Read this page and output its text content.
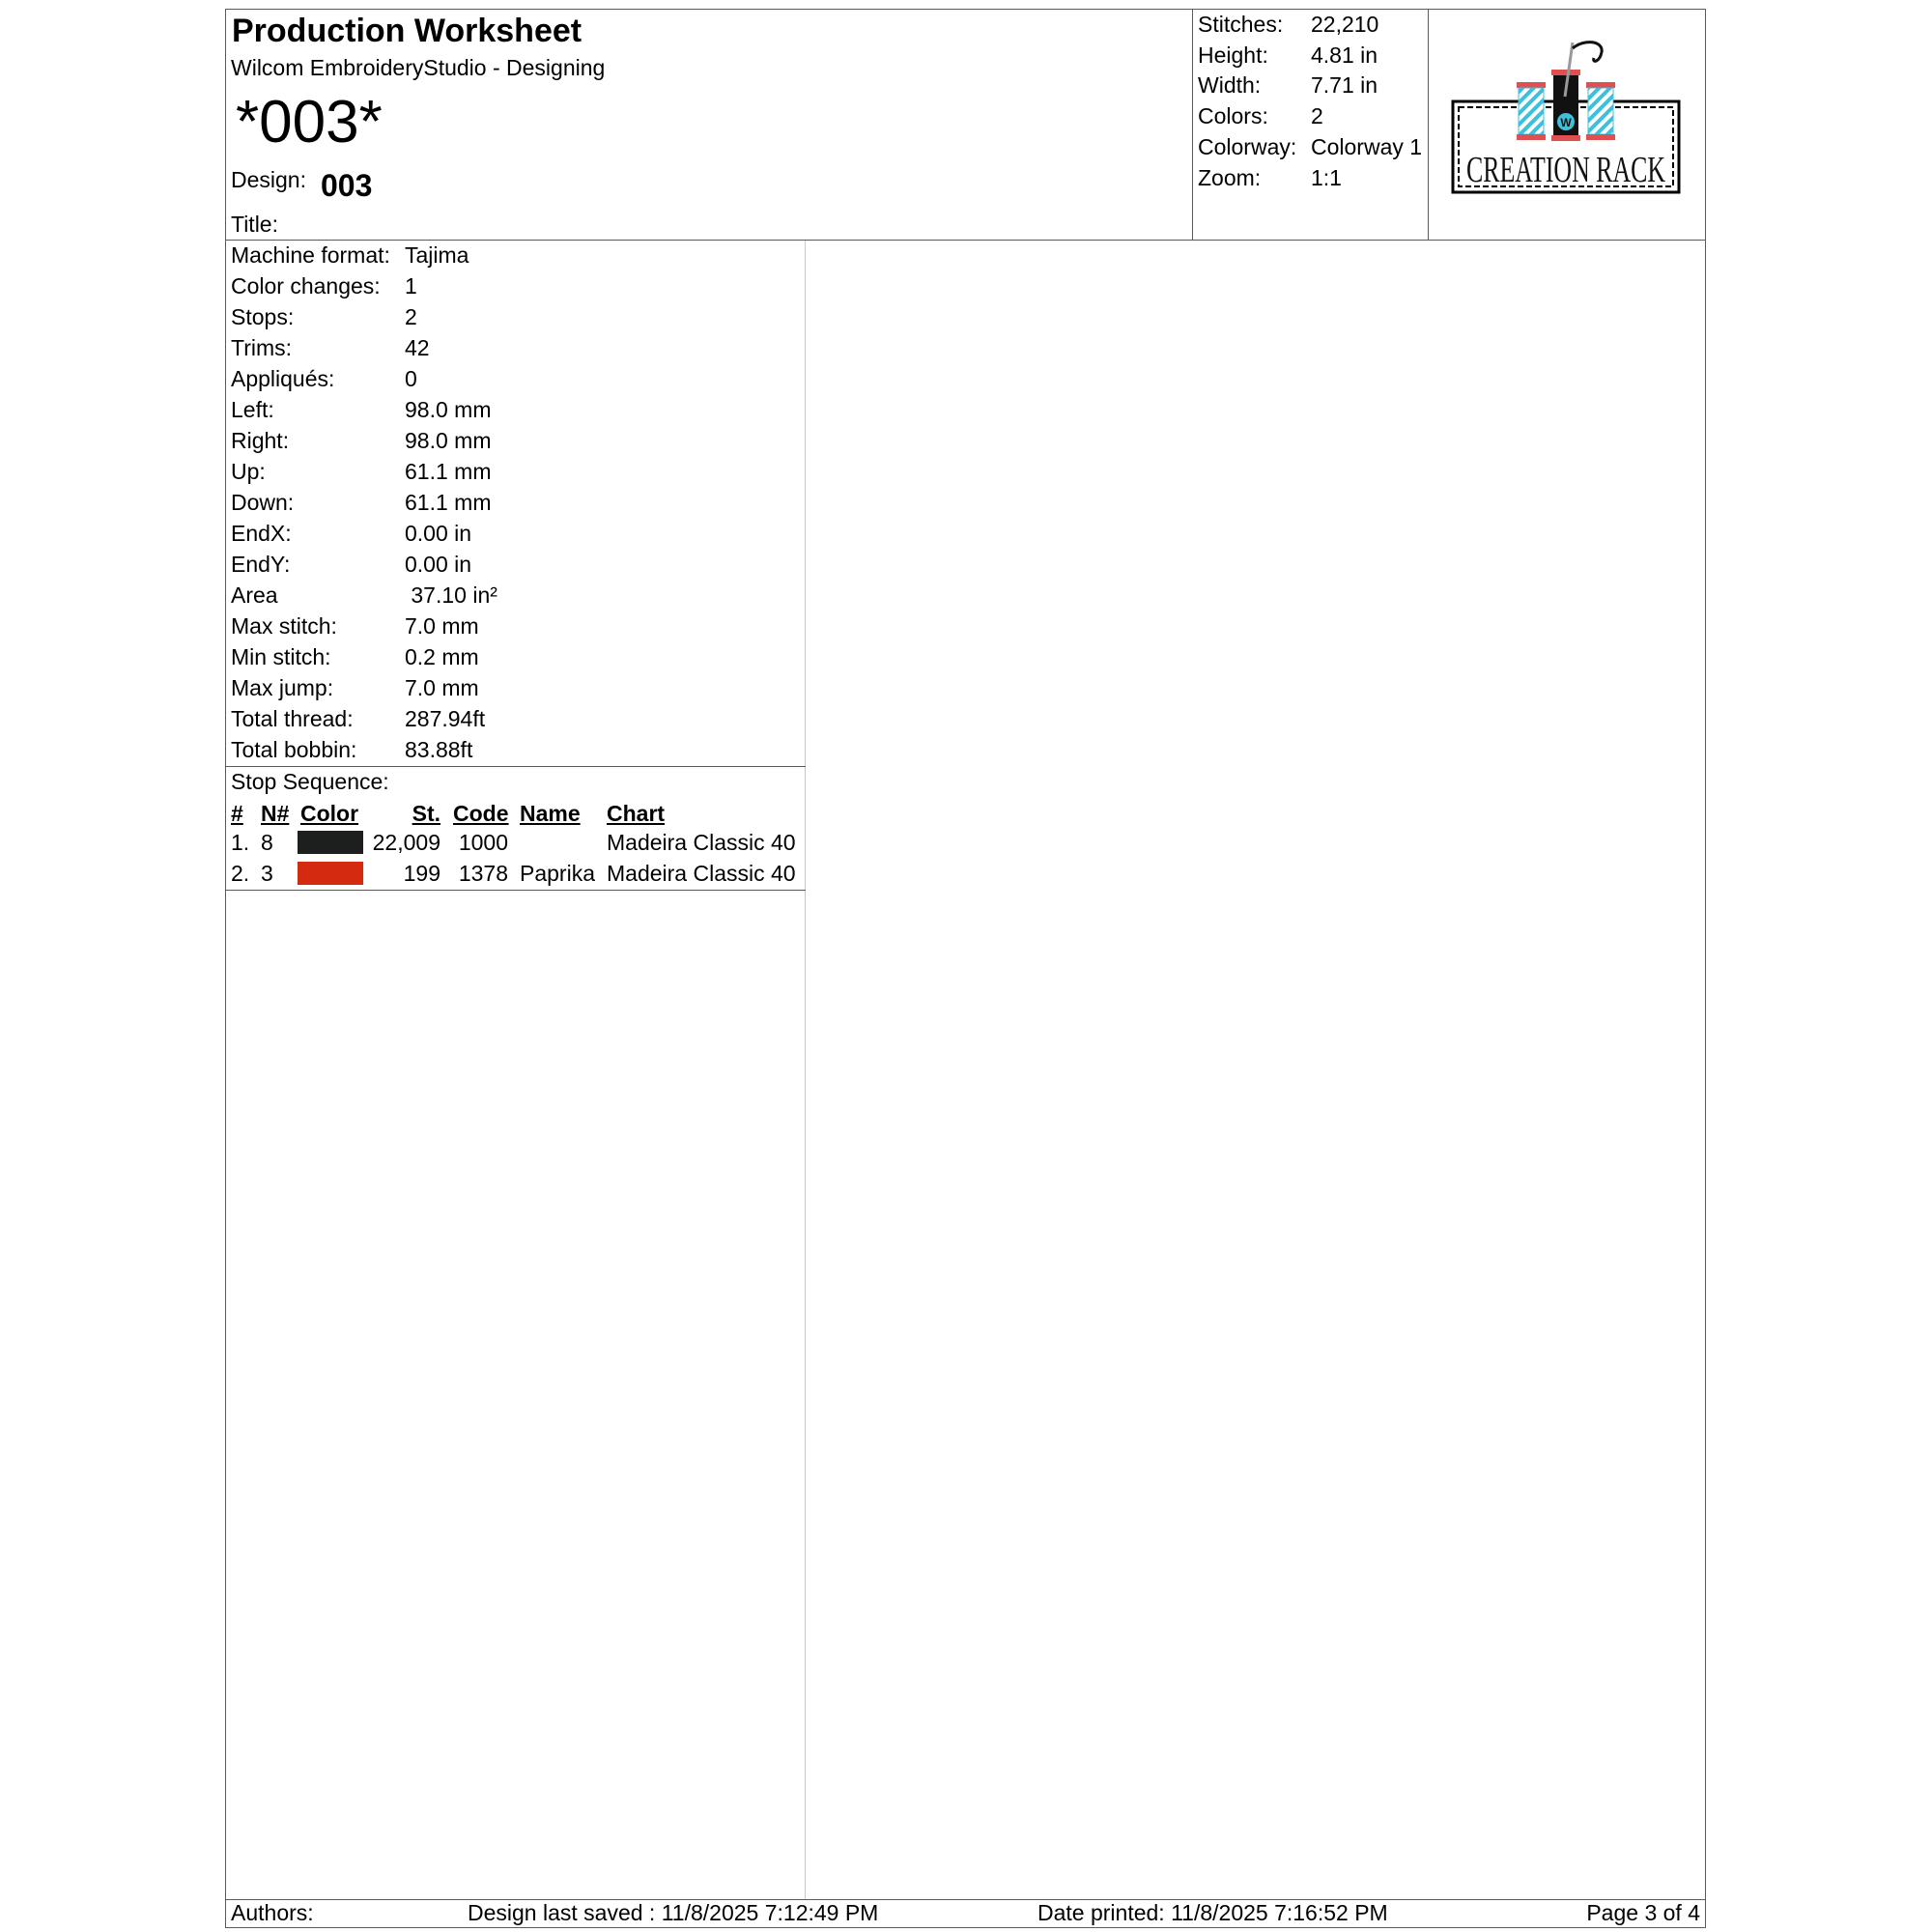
Production Worksheet
Wilcom EmbroideryStudio - Designing
*003*
Design: 003
Title:
Stitches: 22,210
Height: 4.81 in
Width: 7.71 in
Colors: 2
Colorway: Colorway 1
Zoom: 1:1
W
CREATION RACK
Machine format: Tajima
Color changes: 1
Stops:	2
Trims:	42
Appliqués:	0
Left:	98.0 mm
Right:	98.0 mm
Up:	61.1 mm
Down:	61.1 mm
EndX:	0.00 in
EndY:	0.00 in
Area	37.10 in²
Max stitch:	7.0 mm
Min stitch:	0.2 mm
Max jump:	7.0 mm
Total thread: 287.94ft
Total bobbin: 83.88ft
Stop Sequence:
# N# Color	St. Code Name Chart
1. 8	22,009 1000	Madeira Classic 40
2. 3	199 1378 Paprika Madeira Classic 40
Authors:	Design last saved : 11/8/2025 7:12:49 PM	Date printed: 11/8/2025 7:16:52 PM	Page 3 of 4
